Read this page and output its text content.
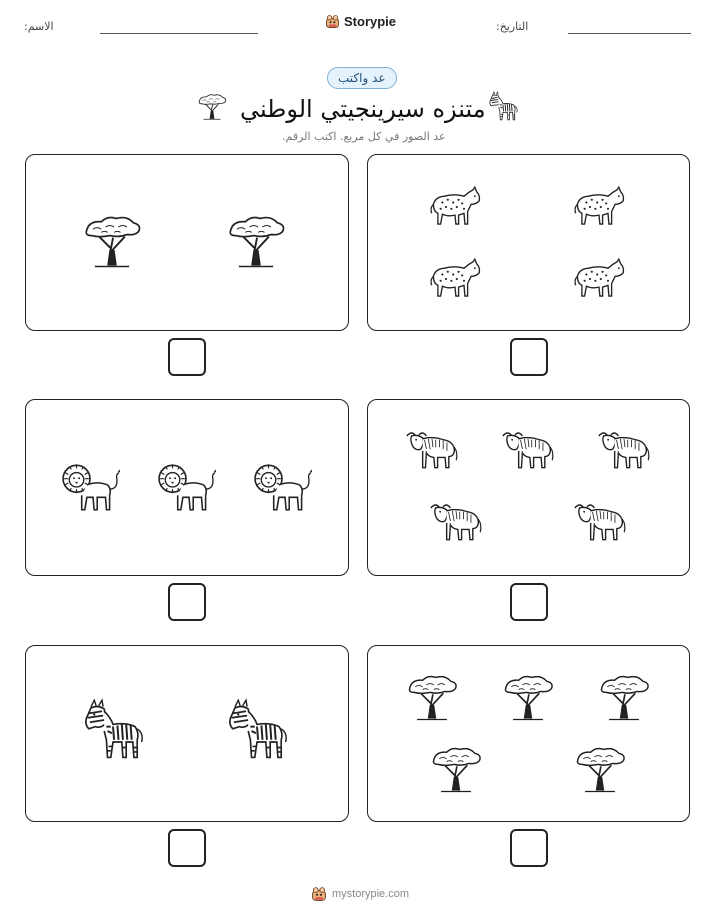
الاسم:	Storypie	التاريخ:
عد واكتب
متنزه سيرينجيتي الوطني
عد الصور في كل مربع. اكتب الرقم.
mystorypie.com
